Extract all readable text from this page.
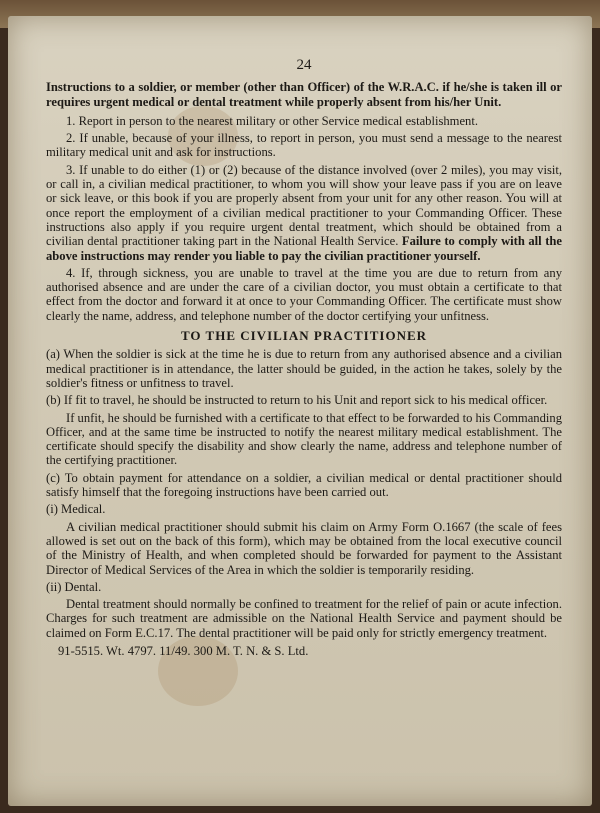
24
Instructions to a soldier, or member (other than Officer) of the W.R.A.C. if he/she is taken ill or requires urgent medical or dental treatment while properly absent from his/her Unit.

1. Report in person to the nearest military or other Service medical establishment.

2. If unable, because of your illness, to report in person, you must send a message to the nearest military medical unit and ask for instructions.

3. If unable to do either (1) or (2) because of the distance involved (over 2 miles), you may visit, or call in, a civilian medical practitioner, to whom you will show your leave pass if you are on leave or sick leave, or this book if you are properly absent from your unit for any other reason. You will at once report the employment of a civilian medical practitioner to your Commanding Officer. These instructions also apply if you require urgent dental treatment, which should be obtained from a civilian dental practitioner taking part in the National Health Service. Failure to comply with all the above instructions may render you liable to pay the civilian practitioner yourself.

4. If, through sickness, you are unable to travel at the time you are due to return from any authorised absence and are under the care of a civilian doctor, you must obtain a certificate to that effect from the doctor and forward it at once to your Commanding Officer. The certificate must show clearly the name, address, and telephone number of the doctor certifying your unfitness.

TO THE CIVILIAN PRACTITIONER

(a) When the soldier is sick at the time he is due to return from any authorised absence and a civilian medical practitioner is in attendance, the latter should be guided, in the action he takes, solely by the soldier's fitness or unfitness to travel.

(b) If fit to travel, he should be instructed to return to his Unit and report sick to his medical officer.

If unfit, he should be furnished with a certificate to that effect to be forwarded to his Commanding Officer, and at the same time be instructed to notify the nearest military medical establishment. The certificate should specify the disability and show clearly the name, address and telephone number of the certifying practitioner.

(c) To obtain payment for attendance on a soldier, a civilian medical or dental practitioner should satisfy himself that the foregoing instructions have been carried out.

(i) Medical.

A civilian medical practitioner should submit his claim on Army Form O.1667 (the scale of fees allowed is set out on the back of this form), which may be obtained from the local executive council of the Ministry of Health, and when completed should be forwarded for payment to the Assistant Director of Medical Services of the Area in which the soldier is temporarily residing.

(ii) Dental.

Dental treatment should normally be confined to treatment for the relief of pain or acute infection. Charges for such treatment are admissible on the National Health Service and payment should be claimed on Form E.C.17. The dental practitioner will be paid only for strictly emergency treatment.

91-5515. Wt. 4797. 11/49. 300 M. T. N. & S. Ltd.
